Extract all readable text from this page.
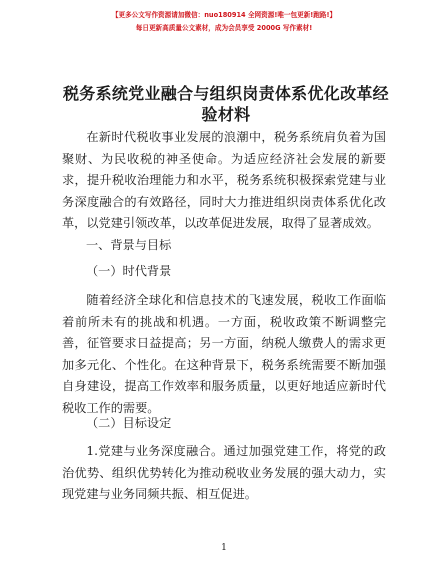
【更多公文写作资源请加微信：nuo180914 全网资源!唯一包更新!跑路!】
每日更新高质量公文素材，成为会员享受 2000G 写作素材!
税务系统党业融合与组织岗责体系优化改革经验材料

在新时代税收事业发展的浪潮中，税务系统肩负着为国聚财、为民收税的神圣使命。为适应经济社会发展的新要求，提升税收治理能力和水平，税务系统积极探索党建与业务深度融合的有效路径，同时大力推进组织岗责体系优化改革，以党建引领改革，以改革促进发展，取得了显著成效。

一、背景与目标
（一）时代背景

随着经济全球化和信息技术的飞速发展，税收工作面临着前所未有的挑战和机遇。一方面，税收政策不断调整完善，征管要求日益提高；另一方面，纳税人缴费人的需求更加多元化、个性化。在这种背景下，税务系统需要不断加强自身建设，提高工作效率和服务质量，以更好地适应新时代税收工作的需要。

（二）目标设定

1.党建与业务深度融合。通过加强党建工作，将党的政治优势、组织优势转化为推动税收业务发展的强大动力，实现党建与业务同频共振、相互促进。

1
